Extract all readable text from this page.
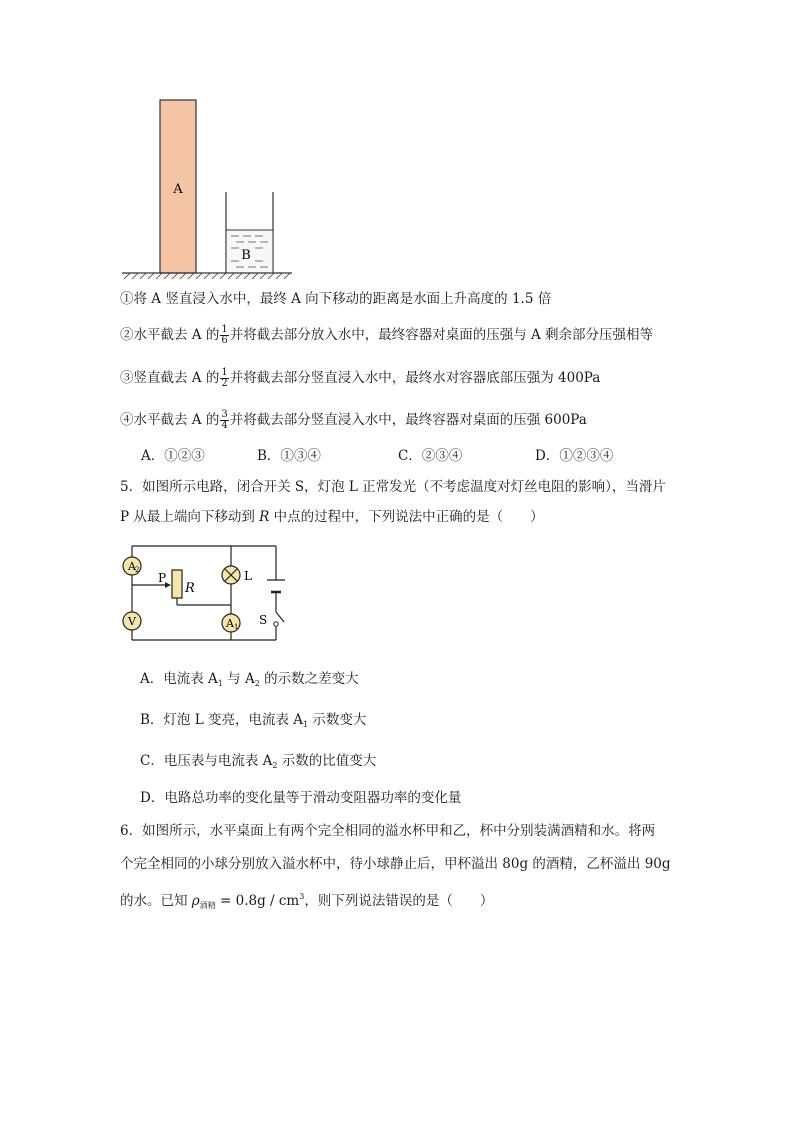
A
B
①将 A 竖直浸入水中，最终 A 向下移动的距离是水面上升高度的 1.5 倍
②水平截去 A 的 $\frac{1}{6}$ 并将截去部分放入水中，最终容器对桌面的压强与 A 剩余部分压强相等
③竖直截去 A 的 $\frac{1}{2}$ 并将截去部分竖直浸入水中，最终水对容器底部压强为 400Pa
④水平截去 A 的 $\frac{3}{4}$ 并将截去部分竖直浸入水中，最终容器对桌面的压强 600Pa
A．①②③	B．①③④	C．②③④	D．①②③④
5．如图所示电路，闭合开关 S，灯泡 L 正常发光（不考虑温度对灯丝电阻的影响），当滑片
P 从最上端向下移动到 R 中点的过程中，下列说法中正确的是（　　）
A 2
V
L
A 1 S
P
R
A．电流表 $A_1$ 与 $A_2$ 的示数之差变大
B．灯泡 L 变亮，电流表 $A_1$ 示数变大
C．电压表与电流表 $A_2$ 示数的比值变大
D．电路总功率的变化量等于滑动变阻器功率的变化量
6．如图所示，水平桌面上有两个完全相同的溢水杯甲和乙，杯中分别装满酒精和水。将两
个完全相同的小球分别放入溢水杯中，待小球静止后，甲杯溢出 80g 的酒精，乙杯溢出 90g
的水。已知 $\rho_{酒精} = 0.8g / cm^3$，则下列说法错误的是（　　）
